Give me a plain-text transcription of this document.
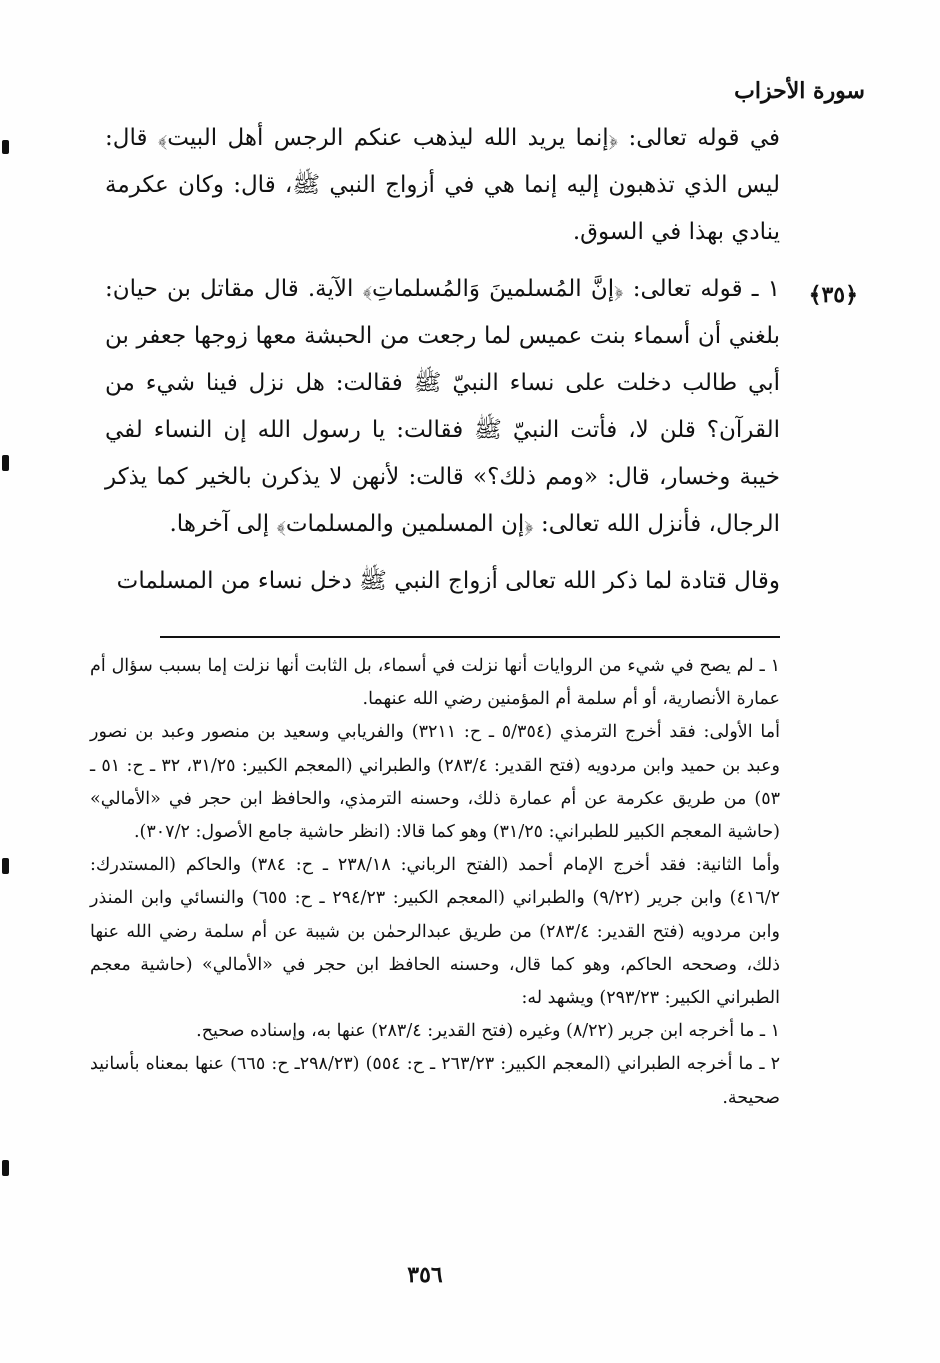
سورة الأحزاب
﴿٣٥﴾

في قوله تعالى: ﴿إنما يريد الله ليذهب عنكم الرجس أهل البيت﴾ قال: ليس الذي تذهبون إليه إنما هي في أزواج النبي ﷺ، قال: وكان عكرمة ينادي بهذا في السوق.

١ ـ قوله تعالى: ﴿إنَّ المُسلمينَ وَالمُسلماتِ﴾ الآية. قال مقاتل بن حيان: بلغني أن أسماء بنت عميس لما رجعت من الحبشة معها زوجها جعفر بن أبي طالب دخلت على نساء النبيّ ﷺ فقالت: هل نزل فينا شيء من القرآن؟ قلن لا، فأتت النبيّ ﷺ فقالت: يا رسول الله إن النساء لفي خيبة وخسار، قال: «ومم ذلك؟» قالت: لأنهن لا يذكرن بالخير كما يذكر الرجال، فأنزل الله تعالى: ﴿إن المسلمين والمسلمات﴾ إلى آخرها.

وقال قتادة لما ذكر الله تعالى أزواج النبي ﷺ دخل نساء من المسلمات

١ ـ لم يصح في شيء من الروايات أنها نزلت في أسماء، بل الثابت أنها نزلت إما بسبب سؤال أم عمارة الأنصارية، أو أم سلمة أم المؤمنين رضي الله عنهما.

أما الأولى: فقد أخرج الترمذي (٥/٣٥٤ ـ ح: ٣٢١١) والفريابي وسعيد بن منصور وعبد بن نصور وعبد بن حميد وابن مردويه (فتح القدير: ٢٨٣/٤) والطبراني (المعجم الكبير: ٣١/٢٥، ٣٢ ـ ح: ٥١ ـ ٥٣) من طريق عكرمة عن أم عمارة ذلك، وحسنه الترمذي، والحافظ ابن حجر في «الأمالي» (حاشية المعجم الكبير للطبراني: ٣١/٢٥) وهو كما قالا: (انظر حاشية جامع الأصول: ٣٠٧/٢).

وأما الثانية: فقد أخرج الإمام أحمد (الفتح الرباني: ٢٣٨/١٨ ـ ح: ٣٨٤) والحاكم (المستدرك: ٤١٦/٢) وابن جرير (٩/٢٢) والطبراني (المعجم الكبير: ٢٩٤/٢٣ ـ ح: ٦٥٥) والنسائي وابن المنذر وابن مردويه (فتح القدير: ٢٨٣/٤) من طريق عبدالرحمٰن بن شيبة عن أم سلمة رضي الله عنها ذلك، وصححه الحاكم، وهو كما قال، وحسنه الحافظ ابن حجر في «الأمالي» (حاشية معجم الطبراني الكبير: ٢٩٣/٢٣) ويشهد له:

١ ـ ما أخرجه ابن جرير (٨/٢٢) وغيره (فتح القدير: ٢٨٣/٤) عنها به، وإسناده صحيح.

٢ ـ ما أخرجه الطبراني (المعجم الكبير: ٢٦٣/٢٣ ـ ح: ٥٥٤) (٢٩٨/٢٣ـ ح: ٦٦٥) عنها بمعناه بأسانيد صحيحة.

٣٥٦
